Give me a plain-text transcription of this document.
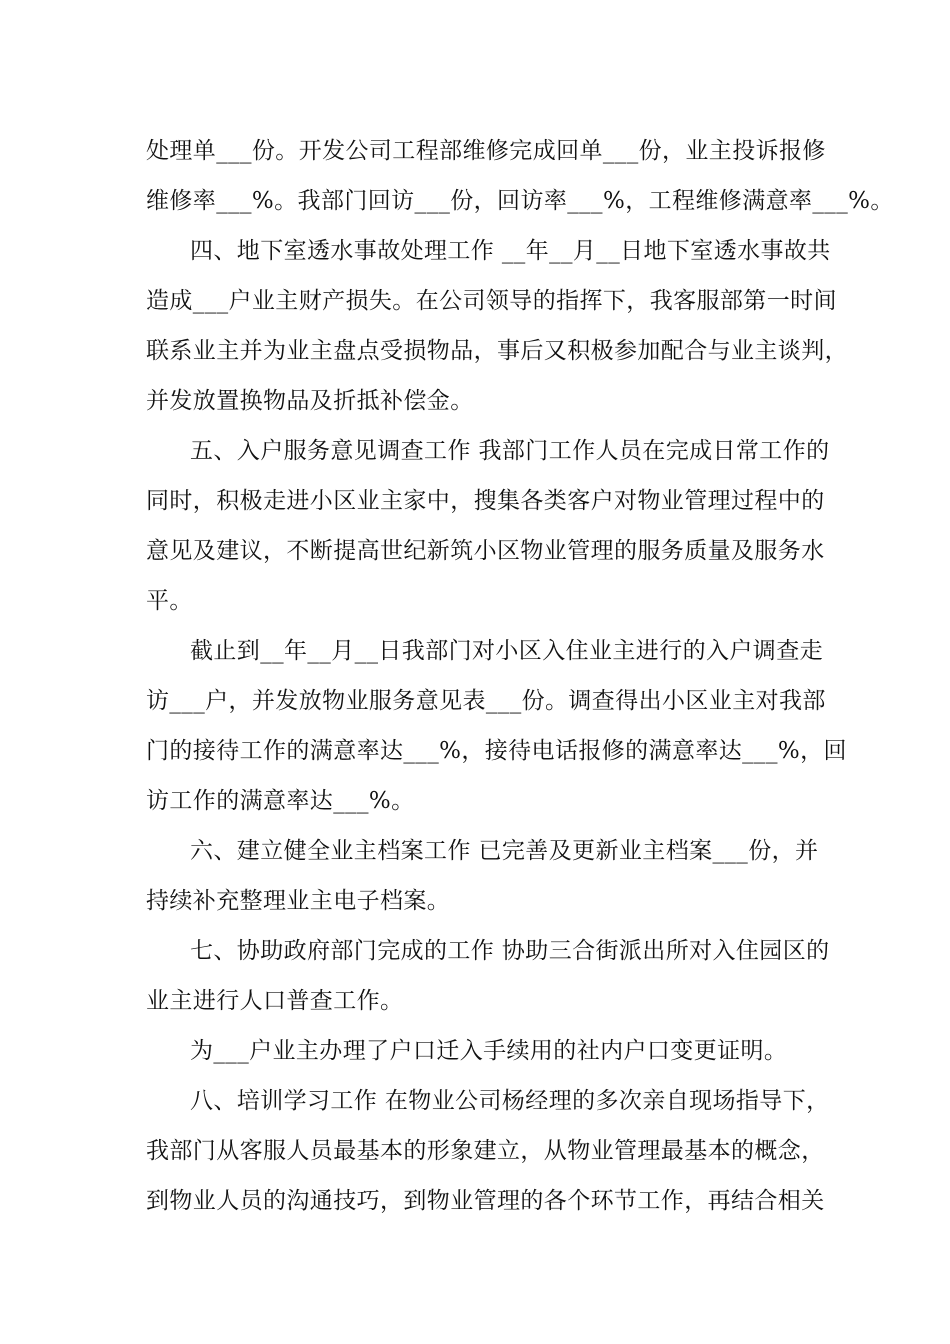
处理单___份。开发公司工程部维修完成回单___份，业主投诉报修
维修率___%。我部门回访___份，回访率___%，工程维修满意率___%。
四、地下室透水事故处理工作 __年__月__日地下室透水事故共
造成___户业主财产损失。在公司领导的指挥下，我客服部第一时间
联系业主并为业主盘点受损物品，事后又积极参加配合与业主谈判，
并发放置换物品及折抵补偿金。
五、入户服务意见调查工作 我部门工作人员在完成日常工作的
同时，积极走进小区业主家中，搜集各类客户对物业管理过程中的
意见及建议，不断提高世纪新筑小区物业管理的服务质量及服务水
平。
截止到__年__月__日我部门对小区入住业主进行的入户调查走
访___户，并发放物业服务意见表___份。调查得出小区业主对我部
门的接待工作的满意率达___%，接待电话报修的满意率达___%，回
访工作的满意率达___%。
六、建立健全业主档案工作 已完善及更新业主档案___份，并
持续补充整理业主电子档案。
七、协助政府部门完成的工作 协助三合街派出所对入住园区的
业主进行人口普查工作。
为___户业主办理了户口迁入手续用的社内户口变更证明。
八、培训学习工作 在物业公司杨经理的多次亲自现场指导下，
我部门从客服人员最基本的形象建立，从物业管理最基本的概念，
到物业人员的沟通技巧，到物业管理的各个环节工作，再结合相关
